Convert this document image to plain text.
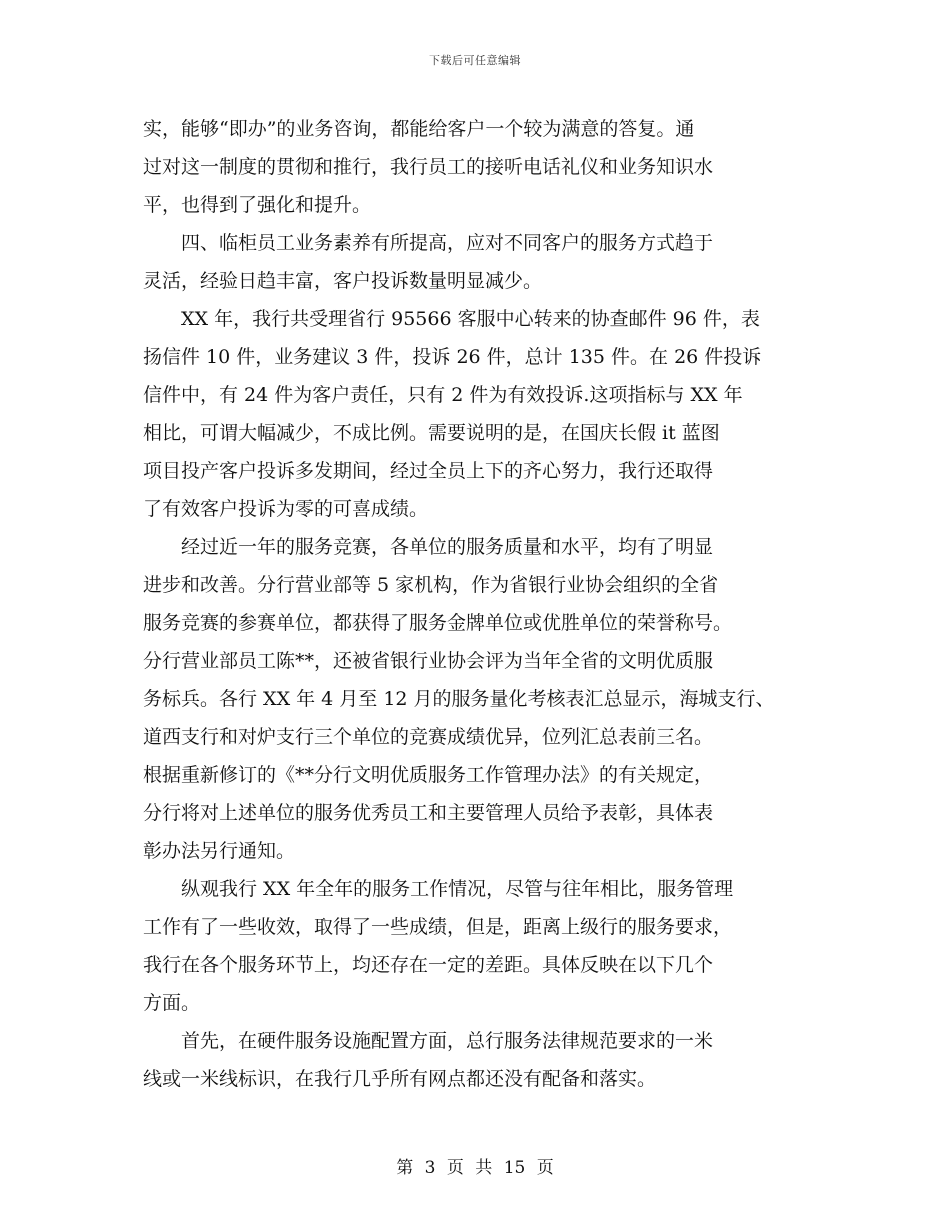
下载后可任意编辑
实，能够“即办”的业务咨询，都能给客户一个较为满意的答复。通
过对这一制度的贯彻和推行，我行员工的接听电话礼仪和业务知识水
平，也得到了强化和提升。
四、临柜员工业务素养有所提高，应对不同客户的服务方式趋于
灵活，经验日趋丰富，客户投诉数量明显减少。
XX 年，我行共受理省行 95566 客服中心转来的协查邮件 96 件，表
扬信件 10 件，业务建议 3 件，投诉 26 件，总计 135 件。在 26 件投诉
信件中，有 24 件为客户责任，只有 2 件为有效投诉.这项指标与 XX 年
相比，可谓大幅减少，不成比例。需要说明的是，在国庆长假 it 蓝图
项目投产客户投诉多发期间，经过全员上下的齐心努力，我行还取得
了有效客户投诉为零的可喜成绩。
经过近一年的服务竞赛，各单位的服务质量和水平，均有了明显
进步和改善。分行营业部等 5 家机构，作为省银行业协会组织的全省
服务竞赛的参赛单位，都获得了服务金牌单位或优胜单位的荣誉称号。
分行营业部员工陈**，还被省银行业协会评为当年全省的文明优质服
务标兵。各行 XX 年 4 月至 12 月的服务量化考核表汇总显示，海城支行、
道西支行和对炉支行三个单位的竞赛成绩优异，位列汇总表前三名。
根据重新修订的《**分行文明优质服务工作管理办法》的有关规定，
分行将对上述单位的服务优秀员工和主要管理人员给予表彰，具体表
彰办法另行通知。
纵观我行 XX 年全年的服务工作情况，尽管与往年相比，服务管理
工作有了一些收效，取得了一些成绩，但是，距离上级行的服务要求，
我行在各个服务环节上，均还存在一定的差距。具体反映在以下几个
方面。
首先，在硬件服务设施配置方面，总行服务法律规范要求的一米
线或一米线标识，在我行几乎所有网点都还没有配备和落实。
第 3 页 共 15 页
